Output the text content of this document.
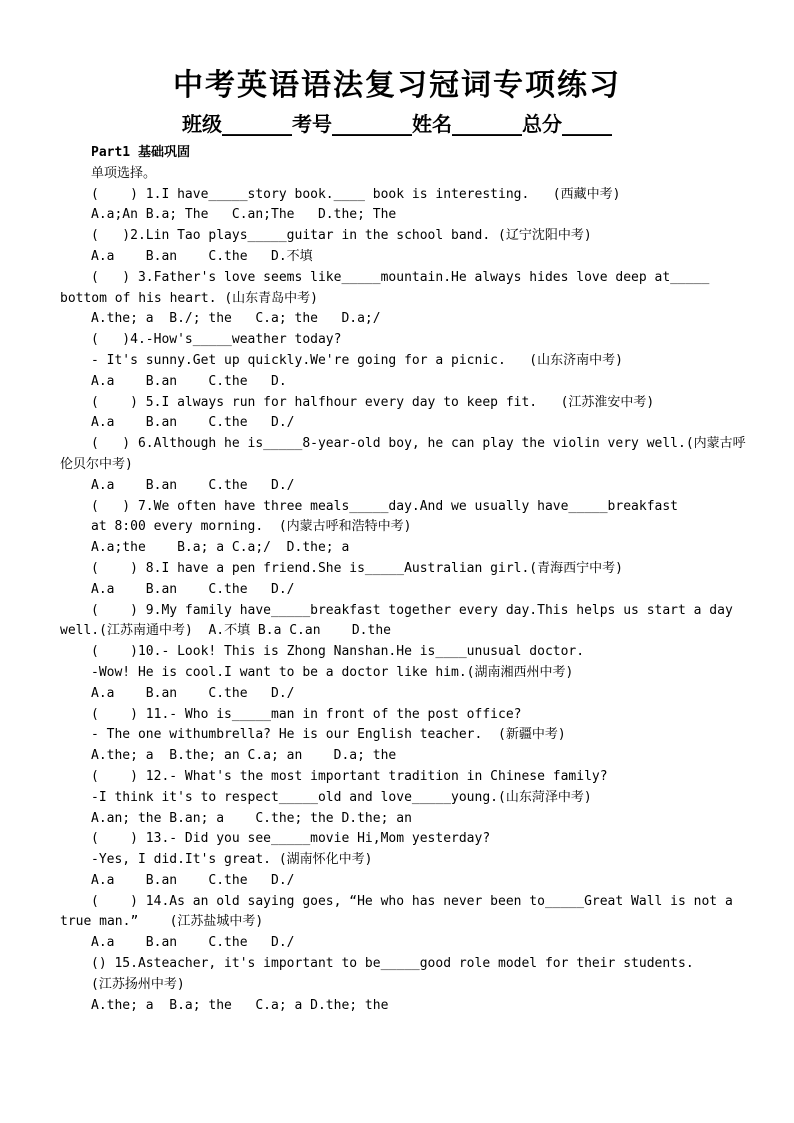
中考英语语法复习冠词专项练习
班级_______考号________姓名_______总分_____
Part1 基础巩固
单项选择。
(    ) 1.I have_____story book.____ book is interesting.   (西藏中考)
A.a;An B.a; The   C.an;The   D.the; The
(   )2.Lin Tao plays_____guitar in the school band. (辽宁沈阳中考)
A.a    B.an    C.the   D.不填
(   ) 3.Father's love seems like_____mountain.He always hides love deep at_____
bottom of his heart. (山东青岛中考)
A.the; a  B./; the   C.a; the   D.a;/
(   )4.-How's_____weather today?
- It's sunny.Get up quickly.We're going for a picnic.   (山东济南中考)
A.a    B.an    C.the   D.
(    ) 5.I always run for halfhour every day to keep fit.   (江苏淮安中考)
A.a    B.an    C.the   D./
(   ) 6.Although he is_____8-year-old boy, he can play the violin very well.(内蒙古呼
伦贝尔中考)
A.a    B.an    C.the   D./
(   ) 7.We often have three meals_____day.And we usually have_____breakfast
at 8:00 every morning.  (内蒙古呼和浩特中考)
A.a;the    B.a; a C.a;/  D.the; a
(    ) 8.I have a pen friend.She is_____Australian girl.(青海西宁中考)
A.a    B.an    C.the   D./
(    ) 9.My family have_____breakfast together every day.This helps us start a day
well.(江苏南通中考)  A.不填 B.a C.an    D.the
(    )10.- Look! This is Zhong Nanshan.He is____unusual doctor.
-Wow! He is cool.I want to be a doctor like him.(湖南湘西州中考)
A.a    B.an    C.the   D./
(    ) 11.- Who is_____man in front of the post office?
- The one withumbrella? He is our English teacher.  (新疆中考)
A.the; a  B.the; an C.a; an    D.a; the
(    ) 12.- What's the most important tradition in Chinese family?
-I think it's to respect_____old and love_____young.(山东菏泽中考)
A.an; the B.an; a    C.the; the D.the; an
(    ) 13.- Did you see_____movie Hi,Mom yesterday?
-Yes, I did.It's great. (湖南怀化中考)
A.a    B.an    C.the   D./
(    ) 14.As an old saying goes, “He who has never been to_____Great Wall is not a
true man.”    (江苏盐城中考)
A.a    B.an    C.the   D./
() 15.Asteacher, it's important to be_____good role model for their students.
(江苏扬州中考)
A.the; a  B.a; the   C.a; a D.the; the
